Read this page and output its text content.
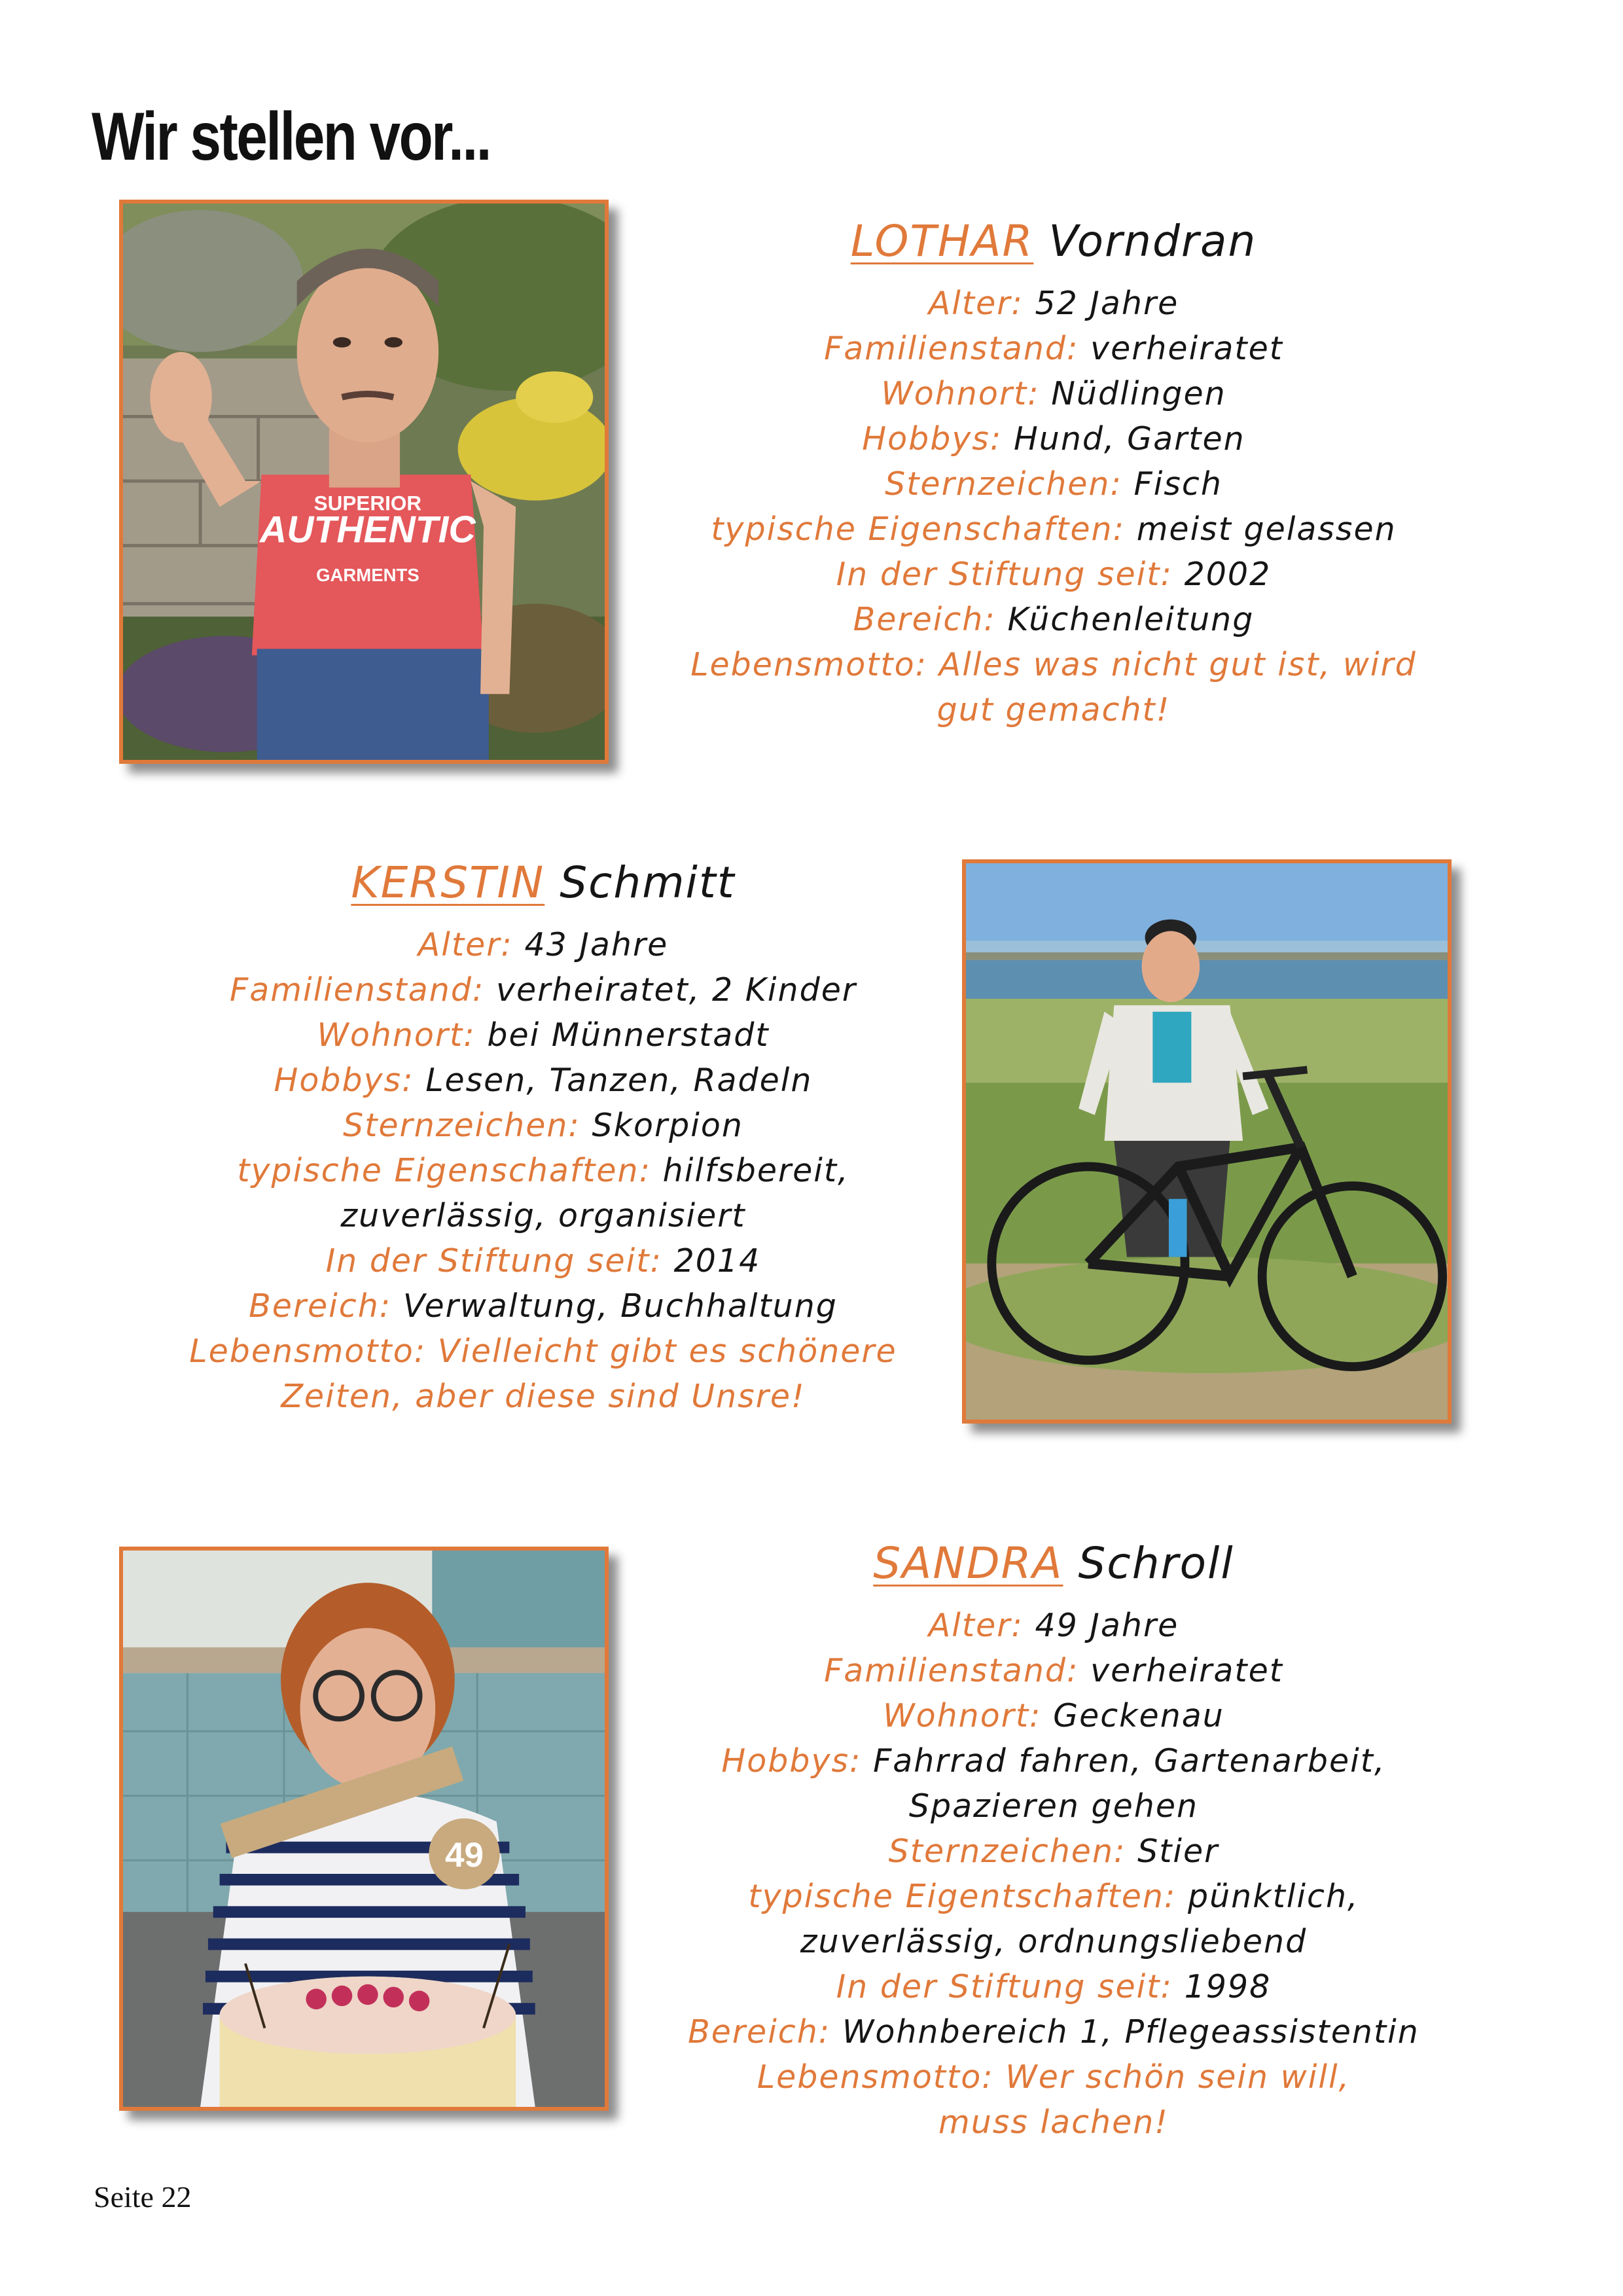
Wir stellen vor...
AUTHENTIC
SUPERIOR
GARMENTS
LOTHAR Vorndran
Alter: 52 Jahre
Familienstand: verheiratet
Wohnort: Nüdlingen
Hobbys: Hund, Garten
Sternzeichen: Fisch
typische Eigenschaften: meist gelassen
In der Stiftung seit: 2002
Bereich: Küchenleitung
Lebensmotto: Alles was nicht gut ist, wird
gut gemacht!
KERSTIN Schmitt
Alter: 43 Jahre
Familienstand: verheiratet, 2 Kinder
Wohnort: bei Münnerstadt
Hobbys: Lesen, Tanzen, Radeln
Sternzeichen: Skorpion
typische Eigenschaften: hilfsbereit,
zuverlässig, organisiert
In der Stiftung seit: 2014
Bereich: Verwaltung, Buchhaltung
Lebensmotto: Vielleicht gibt es schönere
Zeiten, aber diese sind Unsre!
49
SANDRA Schroll
Alter: 49 Jahre
Familienstand: verheiratet
Wohnort: Geckenau
Hobbys: Fahrrad fahren, Gartenarbeit,
Spazieren gehen
Sternzeichen: Stier
typische Eigentschaften: pünktlich,
zuverlässig, ordnungsliebend
In der Stiftung seit: 1998
Bereich: Wohnbereich 1, Pflegeassistentin
Lebensmotto: Wer schön sein will,
muss lachen!
Seite 22
